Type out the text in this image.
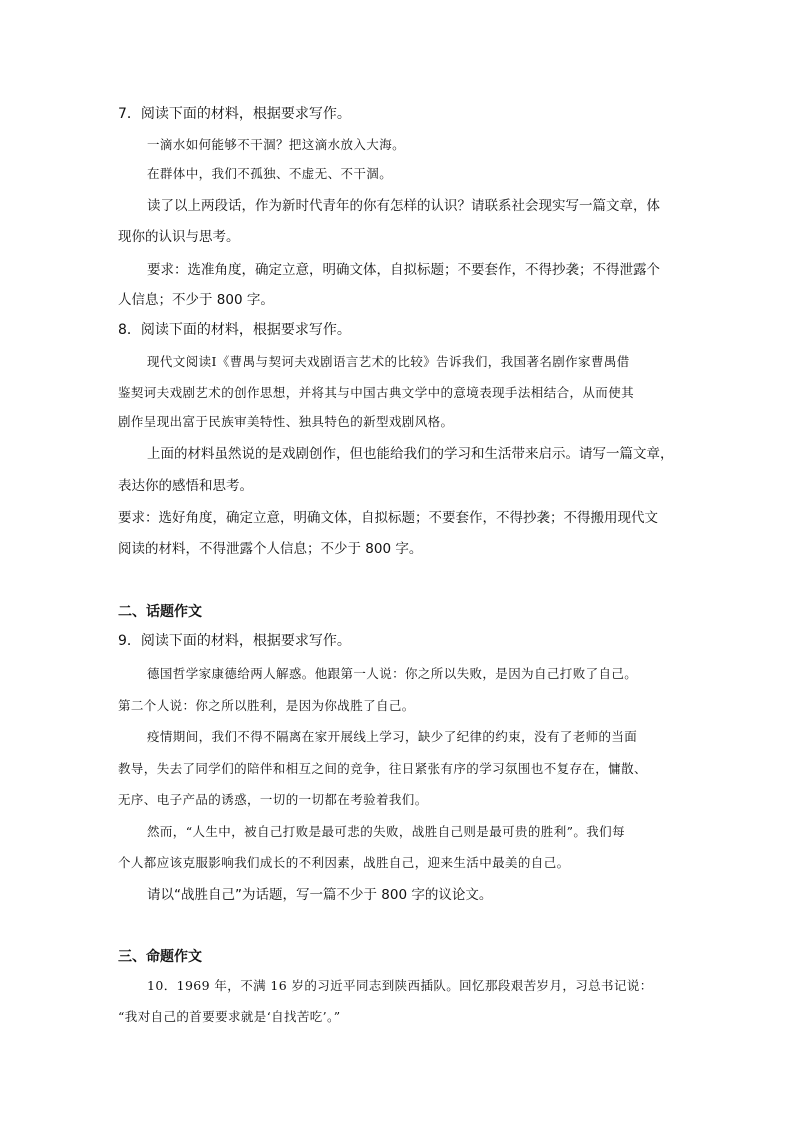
7．阅读下面的材料，根据要求写作。
一滴水如何能够不干涸？把这滴水放入大海。
在群体中，我们不孤独、不虚无、不干涸。
读了以上两段话，作为新时代青年的你有怎样的认识？请联系社会现实写一篇文章，体
现你的认识与思考。
要求：选准角度，确定立意，明确文体，自拟标题；不要套作，不得抄袭；不得泄露个
人信息；不少于 800 字。
8．阅读下面的材料，根据要求写作。
现代文阅读Ⅰ《曹禺与契诃夫戏剧语言艺术的比较》告诉我们，我国著名剧作家曹禺借
鉴契诃夫戏剧艺术的创作思想，并将其与中国古典文学中的意境表现手法相结合，从而使其
剧作呈现出富于民族审美特性、独具特色的新型戏剧风格。
上面的材料虽然说的是戏剧创作，但也能给我们的学习和生活带来启示。请写一篇文章，
表达你的感悟和思考。
要求：选好角度，确定立意，明确文体，自拟标题；不要套作，不得抄袭；不得搬用现代文
阅读的材料，不得泄露个人信息；不少于 800 字。
二、话题作文
9．阅读下面的材料，根据要求写作。
德国哲学家康德给两人解惑。他跟第一人说：你之所以失败，是因为自己打败了自己。
第二个人说：你之所以胜利，是因为你战胜了自己。
疫情期间，我们不得不隔离在家开展线上学习，缺少了纪律的约束，没有了老师的当面
教导，失去了同学们的陪伴和相互之间的竞争，往日紧张有序的学习氛围也不复存在，慵散、
无序、电子产品的诱惑，一切的一切都在考验着我们。
然而，“人生中，被自己打败是最可悲的失败，战胜自己则是最可贵的胜利”。我们每
个人都应该克服影响我们成长的不利因素，战胜自己，迎来生活中最美的自己。
请以“战胜自己”为话题，写一篇不少于 800 字的议论文。
三、命题作文
10．1969 年，不满 16 岁的习近平同志到陕西插队。回忆那段艰苦岁月，习总书记说：
“我对自己的首要要求就是‘自找苦吃’。”
